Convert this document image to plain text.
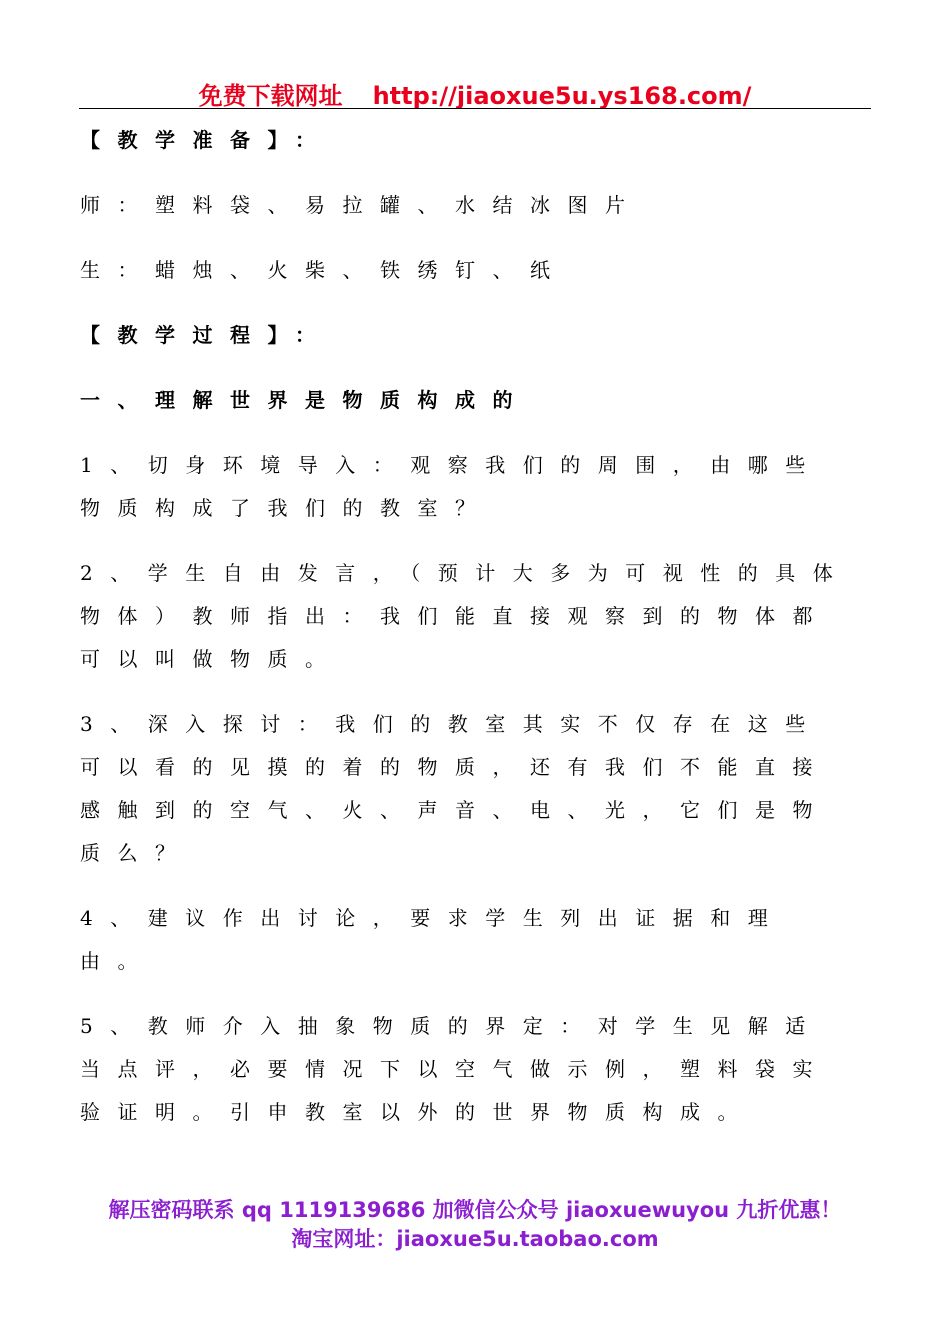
免费下载网址 http://jiaoxue5u.ys168.com/

【教学准备】：

师：塑料袋、易拉罐、水结冰图片

生：蜡烛、火柴、铁绣钉、纸

【教学过程】：

一、理解世界是物质构成的

1、切身环境导入：观察我们的周围，由哪些物质构成了我们的教室？

2、学生自由发言，（预计大多为可视性的具体物体）教师指出：我们能直接观察到的物体都可以叫做物质。

3、深入探讨：我们的教室其实不仅存在这些可以看的见摸的着的物质，还有我们不能直接感触到的空气、火、声音、电、光，它们是物质么？

4、建议作出讨论，要求学生列出证据和理由。

5、教师介入抽象物质的界定：对学生见解适当点评，必要情况下以空气做示例，塑料袋实验证明。引申教室以外的世界物质构成。

解压密码联系 qq 1119139686 加微信公众号 jiaoxuewuyou 九折优惠！
淘宝网址：jiaoxue5u.taobao.com
